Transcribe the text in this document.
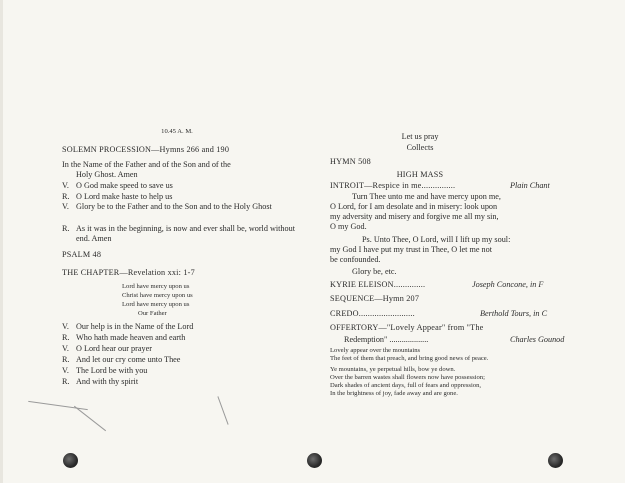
10.45 A. M.
SOLEMN PROCESSION—Hymns 266 and 190
In the Name of the Father and of the Son and of the
Holy Ghost. Amen
V. O God make speed to save us
R. O Lord make haste to help us
V. Glory be to the Father and to the Son and to the Holy Ghost
R. As it was in the beginning, is now and ever shall be, world without end. Amen
PSALM 48
THE CHAPTER—Revelation xxi: 1-7
Lord have mercy upon us
Christ have mercy upon us
Lord have mercy upon us
Our Father
V. Our help is in the Name of the Lord
R. Who hath made heaven and earth
V. O Lord hear our prayer
R. And let our cry come unto Thee
V. The Lord be with you
R. And with thy spirit
Let us pray
Collects
HYMN 508
HIGH MASS
INTROIT—Respice in me...............	Plain Chant
Turn Thee unto me and have mercy upon me,
O Lord, for I am desolate and in misery: look upon
my adversity and misery and forgive me all my sin,
O my God.
Ps. Unto Thee, O Lord, will I lift up my soul:
my God I have put my trust in Thee, O let me not
be confounded.
Glory be, etc.
KYRIE ELEISON..............	Joseph Concone, in F
SEQUENCE—Hymn 207
CREDO.........................	Berthold Tours, in C
OFFERTORY—"Lovely Appear" from "The
Redemption" ...................	Charles Gounod
Lovely appear over the mountains
The feet of them that preach, and bring good news of peace.
Ye mountains, ye perpetual hills, bow ye down.
Over the barren wastes shall flowers now have possession;
Dark shades of ancient days, full of fears and oppression,
In the brightness of joy, fade away and are gone.
